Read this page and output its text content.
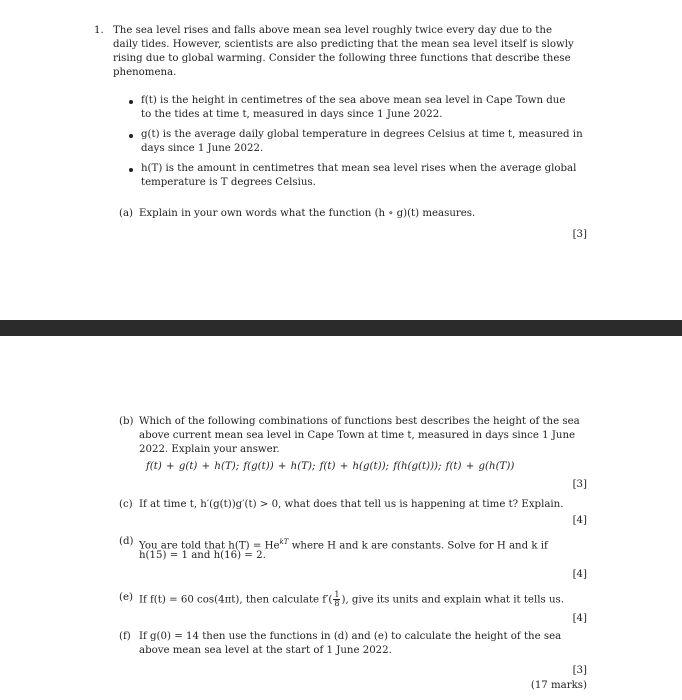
1. The sea level rises and falls above mean sea level roughly twice every day due to the
daily tides. However, scientists are also predicting that the mean sea level itself is slowly
rising due to global warming. Consider the following three functions that describe these
phenomena.
f(t) is the height in centimetres of the sea above mean sea level in Cape Town due
to the tides at time t, measured in days since 1 June 2022.
g(t) is the average daily global temperature in degrees Celsius at time t, measured in
days since 1 June 2022.
h(T) is the amount in centimetres that mean sea level rises when the average global
temperature is T degrees Celsius.
(a) Explain in your own words what the function (h ∘ g)(t) measures.
[3]
(b) Which of the following combinations of functions best describes the height of the sea
above current mean sea level in Cape Town at time t, measured in days since 1 June
2022. Explain your answer.
f(t) + g(t) + h(T); f(g(t)) + h(T); f(t) + h(g(t)); f(h(g(t))); f(t) + g(h(T))
[3]
(c) If at time t, h′(g(t))g′(t) > 0, what does that tell us is happening at time t? Explain.
[4]
(d) You are told that $h(T) = He^{kT}$ where H and k are constants. Solve for H and k if
h(15) = 1 and h(16) = 2.
[4]
(e) If f(t) = 60 cos(4πt), then calculate $f'( \frac{1}{8}$ ), give its units and explain what it tells us.
[4]
(f) If g(0) = 14 then use the functions in (d) and (e) to calculate the height of the sea
above mean sea level at the start of 1 June 2022.
[3]
(17 marks)
